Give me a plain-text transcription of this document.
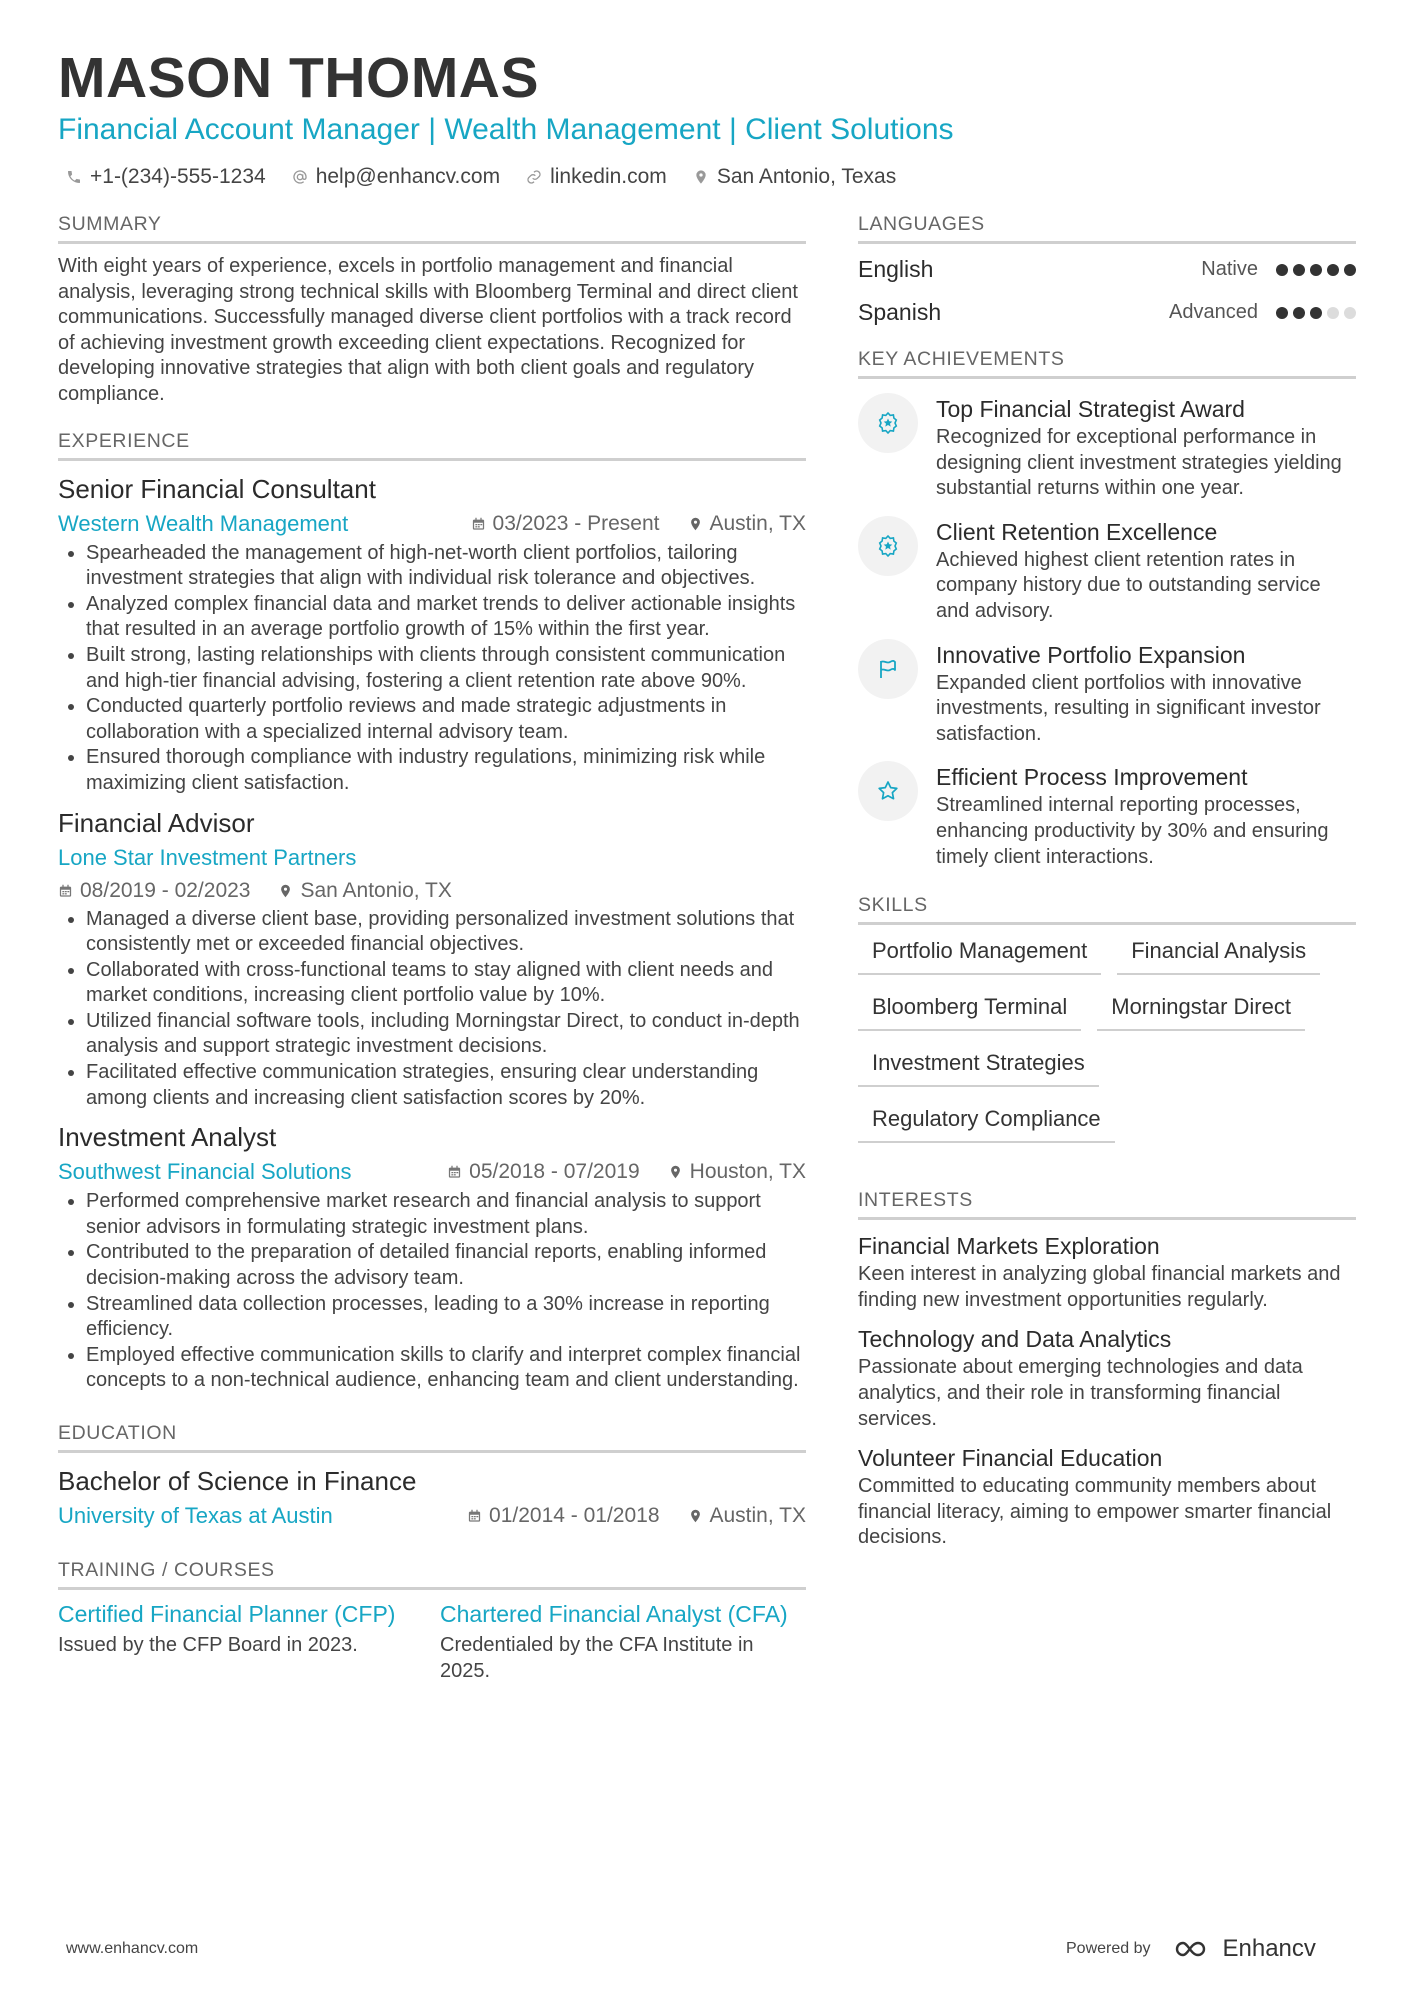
MASON THOMAS
Financial Account Manager | Wealth Management | Client Solutions
+1-(234)-555-1234 help@enhancv.com linkedin.com San Antonio, Texas
SUMMARY
With eight years of experience, excels in portfolio management and financial analysis, leveraging strong technical skills with Bloomberg Terminal and direct client communications. Successfully managed diverse client portfolios with a track record of achieving investment growth exceeding client expectations. Recognized for developing innovative strategies that align with both client goals and regulatory compliance.
EXPERIENCE
Senior Financial Consultant
Western Wealth Management	03/2023 - Present Austin, TX
• Spearheaded the management of high-net-worth client portfolios, tailoring investment strategies that align with individual risk tolerance and objectives.
• Analyzed complex financial data and market trends to deliver actionable insights that resulted in an average portfolio growth of 15% within the first year.
• Built strong, lasting relationships with clients through consistent communication and high-tier financial advising, fostering a client retention rate above 90%.
• Conducted quarterly portfolio reviews and made strategic adjustments in collaboration with a specialized internal advisory team.
• Ensured thorough compliance with industry regulations, minimizing risk while maximizing client satisfaction.
Financial Advisor
Lone Star Investment Partners
08/2019 - 02/2023 San Antonio, TX
• Managed a diverse client base, providing personalized investment solutions that consistently met or exceeded financial objectives.
• Collaborated with cross-functional teams to stay aligned with client needs and market conditions, increasing client portfolio value by 10%.
• Utilized financial software tools, including Morningstar Direct, to conduct in-depth analysis and support strategic investment decisions.
• Facilitated effective communication strategies, ensuring clear understanding among clients and increasing client satisfaction scores by 20%.
Investment Analyst
Southwest Financial Solutions	05/2018 - 07/2019 Houston, TX
• Performed comprehensive market research and financial analysis to support senior advisors in formulating strategic investment plans.
• Contributed to the preparation of detailed financial reports, enabling informed decision-making across the advisory team.
• Streamlined data collection processes, leading to a 30% increase in reporting efficiency.
• Employed effective communication skills to clarify and interpret complex financial concepts to a non-technical audience, enhancing team and client understanding.
EDUCATION
Bachelor of Science in Finance
University of Texas at Austin	01/2014 - 01/2018 Austin, TX
TRAINING / COURSES
Certified Financial Planner (CFP)
Issued by the CFP Board in 2023.
Chartered Financial Analyst (CFA)
Credentialed by the CFA Institute in 2025.
LANGUAGES
English	Native
Spanish	Advanced
KEY ACHIEVEMENTS
Top Financial Strategist Award
Recognized for exceptional performance in designing client investment strategies yielding substantial returns within one year.
Client Retention Excellence
Achieved highest client retention rates in company history due to outstanding service and advisory.
Innovative Portfolio Expansion
Expanded client portfolios with innovative investments, resulting in significant investor satisfaction.
Efficient Process Improvement
Streamlined internal reporting processes, enhancing productivity by 30% and ensuring timely client interactions.
SKILLS
Portfolio Management	Financial Analysis
Bloomberg Terminal	Morningstar Direct
Investment Strategies
Regulatory Compliance
INTERESTS
Financial Markets Exploration
Keen interest in analyzing global financial markets and finding new investment opportunities regularly.
Technology and Data Analytics
Passionate about emerging technologies and data analytics, and their role in transforming financial services.
Volunteer Financial Education
Committed to educating community members about financial literacy, aiming to empower smarter financial decisions.
www.enhancv.com	Powered by	Enhancv
